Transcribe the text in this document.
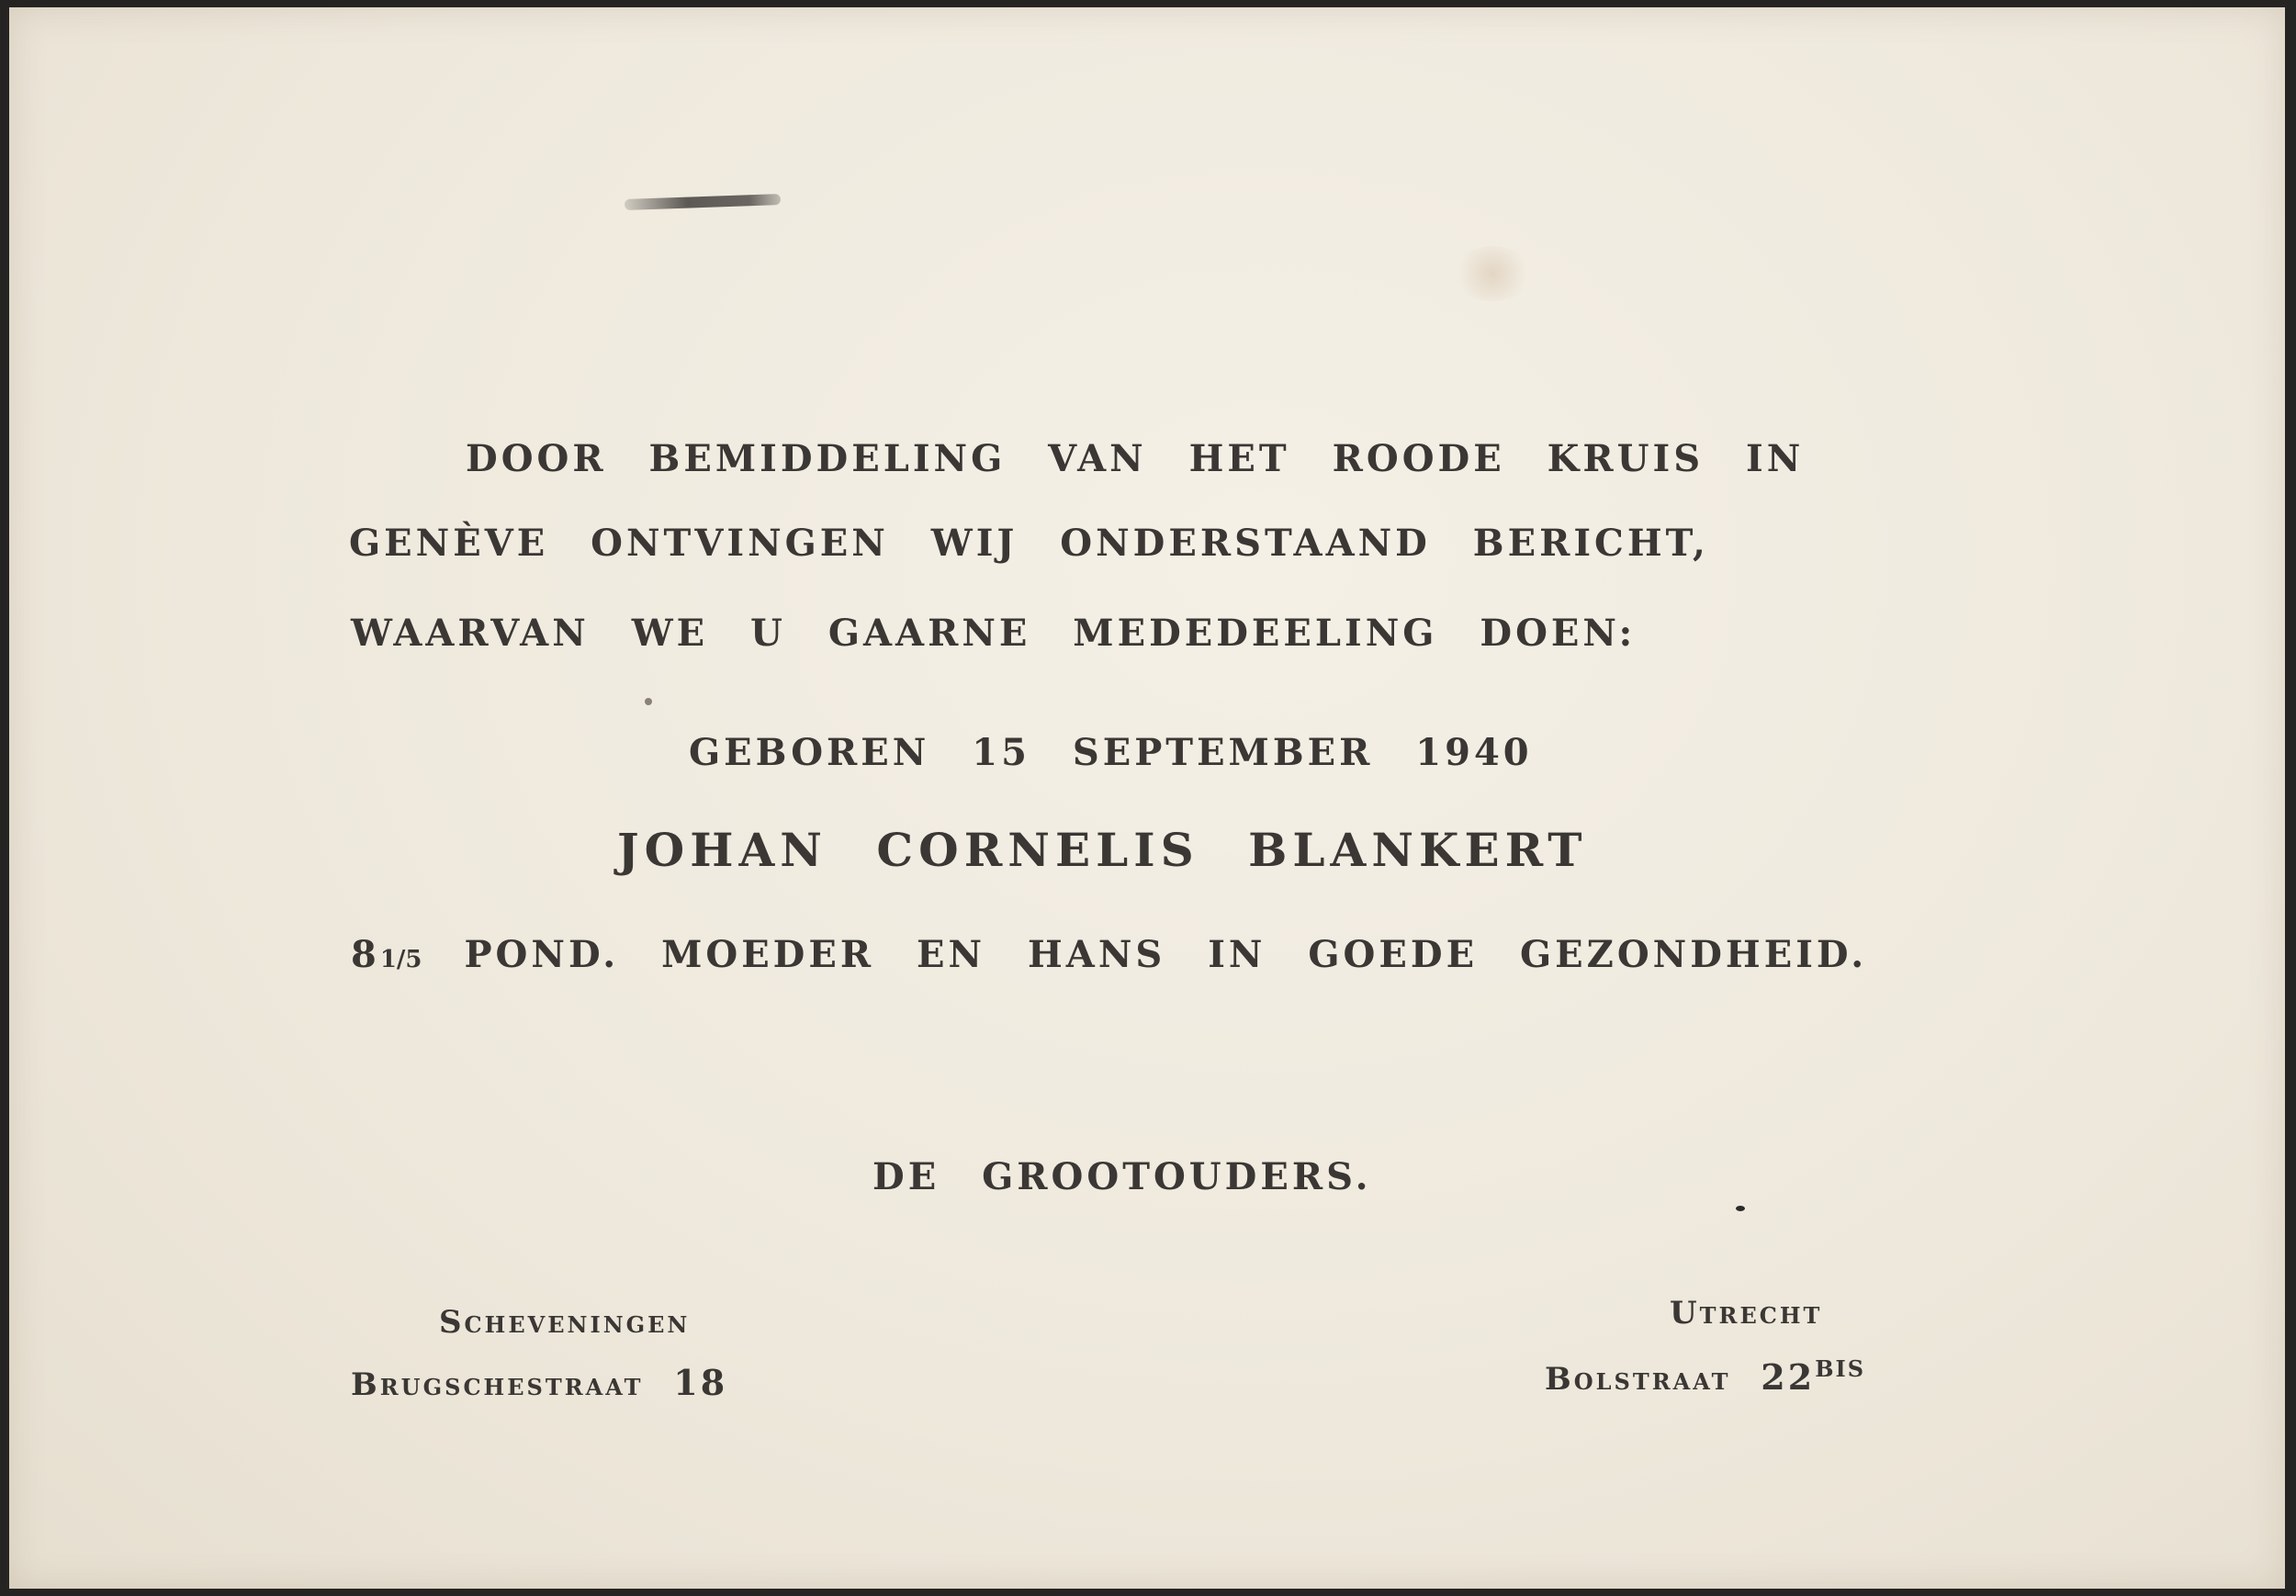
DOOR BEMIDDELING VAN HET ROODE KRUIS IN
GENÈVE ONTVINGEN WIJ ONDERSTAAND BERICHT,
WAARVAN WE U GAARNE MEDEDEELING DOEN:
GEBOREN 15 SEPTEMBER 1940
JOHAN CORNELIS BLANKERT
81/5 POND. MOEDER EN HANS IN GOEDE GEZONDHEID.
DE GROOTOUDERS.
Scheveningen
Brugschestraat 18
Utrecht
Bolstraat $22^{BIS}$
